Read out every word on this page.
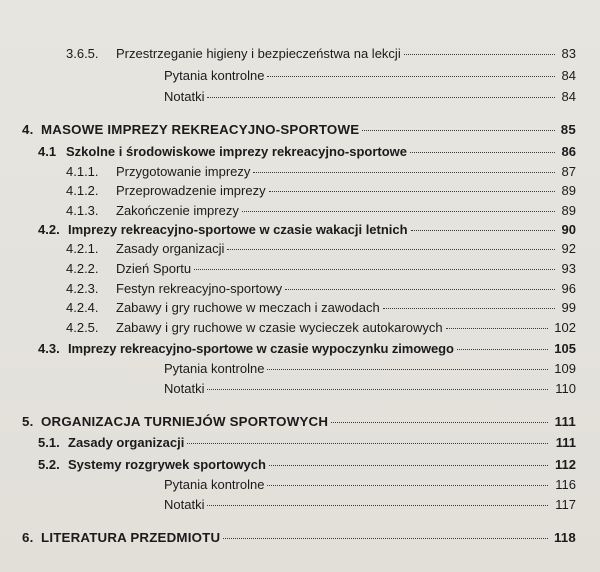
3.6.5.	Przestrzeganie higieny i bezpieczeństwa na lekcji	83
Pytania kontrolne	84
Notatki	84
4. MASOWE IMPREZY REKREACYJNO-SPORTOWE	85
4.1 Szkolne i środowiskowe imprezy rekreacyjno-sportowe	86
4.1.1.	Przygotowanie imprezy	87
4.1.2.	Przeprowadzenie imprezy	89
4.1.3.	Zakończenie imprezy	89
4.2. Imprezy rekreacyjno-sportowe w czasie wakacji letnich	90
4.2.1.	Zasady organizacji	92
4.2.2.	Dzień Sportu	93
4.2.3.	Festyn rekreacyjno-sportowy	96
4.2.4.	Zabawy i gry ruchowe w meczach i zawodach	99
4.2.5.	Zabawy i gry ruchowe w czasie wycieczek autokarowych	102
4.3. Imprezy rekreacyjno-sportowe w czasie wypoczynku zimowego	105
Pytania kontrolne	109
Notatki	110
5. ORGANIZACJA TURNIEJÓW SPORTOWYCH	111
5.1. Zasady organizacji	111
5.2. Systemy rozgrywek sportowych	112
Pytania kontrolne	116
Notatki	117
6. LITERATURA PRZEDMIOTU	118
